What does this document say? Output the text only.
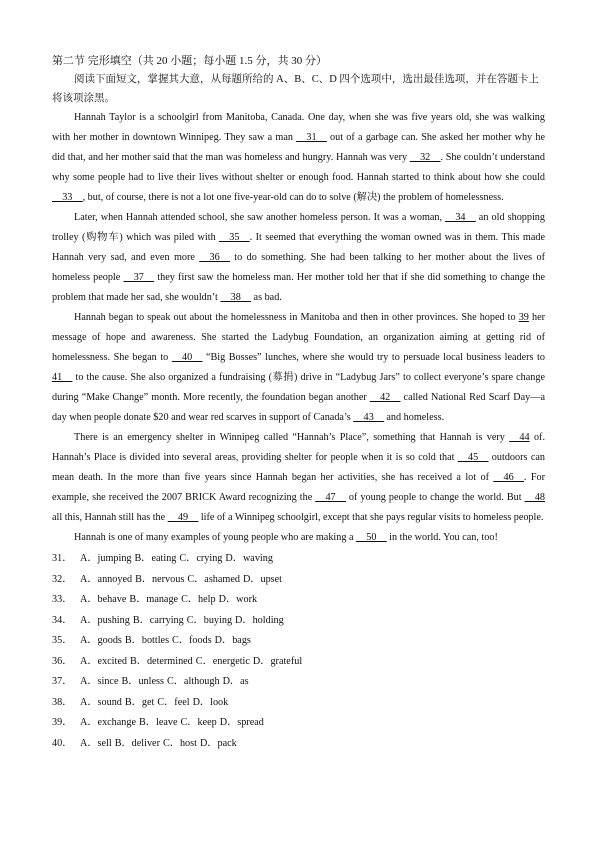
第二节 完形填空（共 20 小题；每小题 1.5 分，共 30 分）

阅读下面短文，掌握其大意，从每题所给的 A、B、C、D 四个选项中，选出最佳选项，并在答题卡上将该项涂黑。

Hannah Taylor is a schoolgirl from Manitoba, Canada. One day, when she was five years old, she was walking with her mother in downtown Winnipeg. They saw a man __31__ out of a garbage can. She asked her mother why he did that, and her mother said that the man was homeless and hungry. Hannah was very __32__. She couldn’t understand why some people had to live their lives without shelter or enough food. Hannah started to think about how she could __33__, but, of course, there is not a lot one five-year-old can do to solve (解决) the problem of homelessness.

Later, when Hannah attended school, she saw another homeless person. It was a woman, __34__ an old shopping trolley (购物车) which was piled with __35__. It seemed that everything the woman owned was in them. This made Hannah very sad, and even more __36__ to do something. She had been talking to her mother about the lives of homeless people __37__ they first saw the homeless man. Her mother told her that if she did something to change the problem that made her sad, she wouldn’t __38__ as bad.

Hannah began to speak out about the homelessness in Manitoba and then in other provinces. She hoped to 39 her message of hope and awareness. She started the Ladybug Foundation, an organization aiming at getting rid of homelessness. She began to __40__ “Big Bosses” lunches, where she would try to persuade local business leaders to 41__ to the cause. She also organized a fundraising (募捐) drive in “Ladybug Jars” to collect everyone’s spare change during “Make Change” month. More recently, the foundation began another __42__ called National Red Scarf Day—a day when people donate $20 and wear red scarves in support of Canada’s __43__ and homeless.

There is an emergency shelter in Winnipeg called “Hannah’s Place”, something that Hannah is very __44 of. Hannah’s Place is divided into several areas, providing shelter for people when it is so cold that __45__ outdoors can mean death. In the more than five years since Hannah began her activities, she has received a lot of __46__. For example, she received the 2007 BRICK Award recognizing the __47__ of young people to change the world. But __48 all this, Hannah still has the __49__ life of a Winnipeg schoolgirl, except that she pays regular visits to homeless people.

Hannah is one of many examples of young people who are making a __50__ in the world. You can, too!

31． A．jumping B．eating C．crying D．waving
32． A．annoyed B．nervous C．ashamed D．upset
33． A．behave B．manage C．help D．work
34． A．pushing B．carrying C．buying D．holding
35． A．goods B．bottles C．foods D．bags
36． A．excited B．determined C．energetic D．grateful
37． A．since B．unless C．although D．as
38． A．sound B．get C．feel D．look
39． A．exchange B．leave C．keep D．spread
40． A．sell B．deliver C．host D．pack
